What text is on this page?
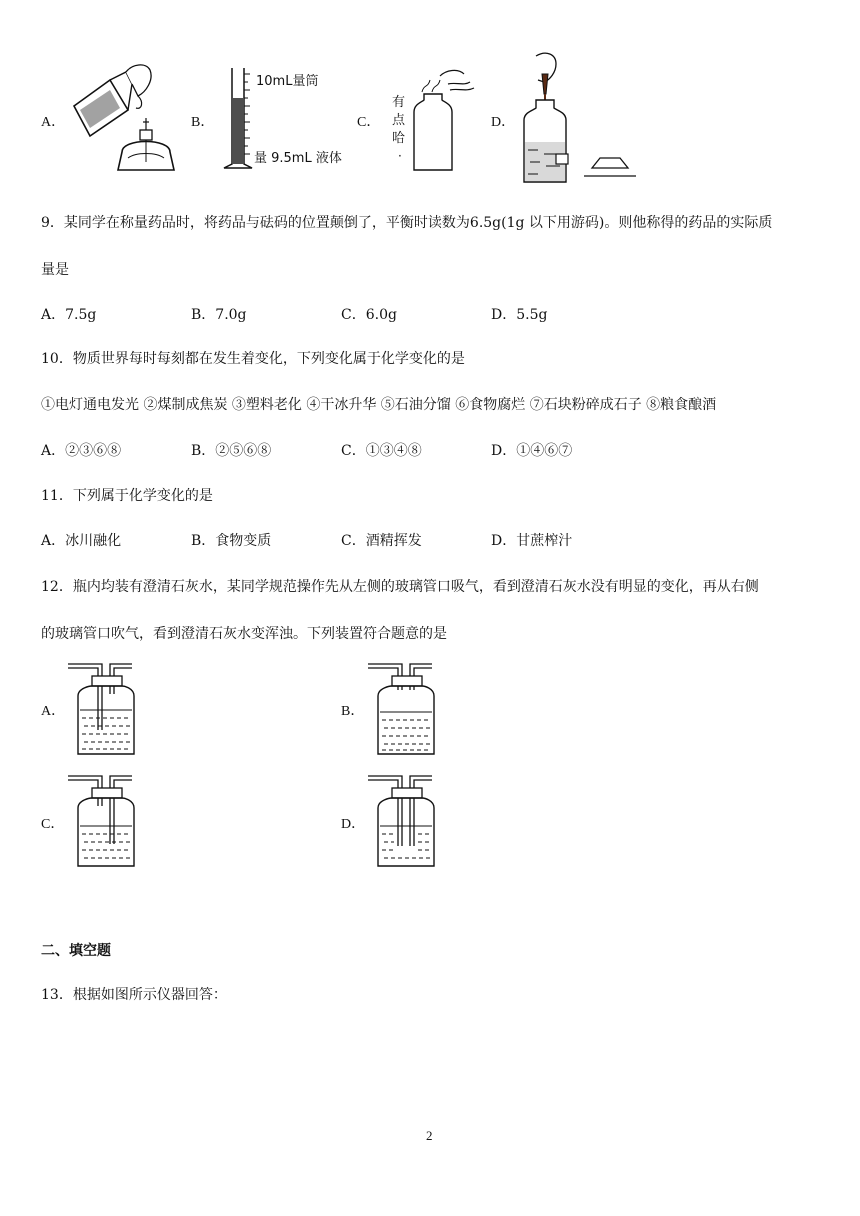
A．	B．
10mL量筒
量 9.5mL 液体
C．
有
点
哈
·
D．
9．某同学在称量药品时，将药品与砝码的位置颠倒了，平衡时读数为6.5g(1g 以下用游码)。则他称得的药品的实际质
量是
A．7.5g	B．7.0g	C．6.0g	D．5.5g
10．物质世界每时每刻都在发生着变化，下列变化属于化学变化的是
①电灯通电发光 ②煤制成焦炭 ③塑料老化 ④干冰升华 ⑤石油分馏 ⑥食物腐烂 ⑦石块粉碎成石子 ⑧粮食酿酒
A．②③⑥⑧	B．②⑤⑥⑧	C．①③④⑧	D．①④⑥⑦
11．下列属于化学变化的是
A．冰川融化	B．食物变质	C．酒精挥发	D．甘蔗榨汁
12．瓶内均装有澄清石灰水，某同学规范操作先从左侧的玻璃管口吸气，看到澄清石灰水没有明显的变化，再从右侧
的玻璃管口吹气，看到澄清石灰水变浑浊。下列装置符合题意的是
A．	B．
C．	D．
二、填空题
13．根据如图所示仪器回答：
2
